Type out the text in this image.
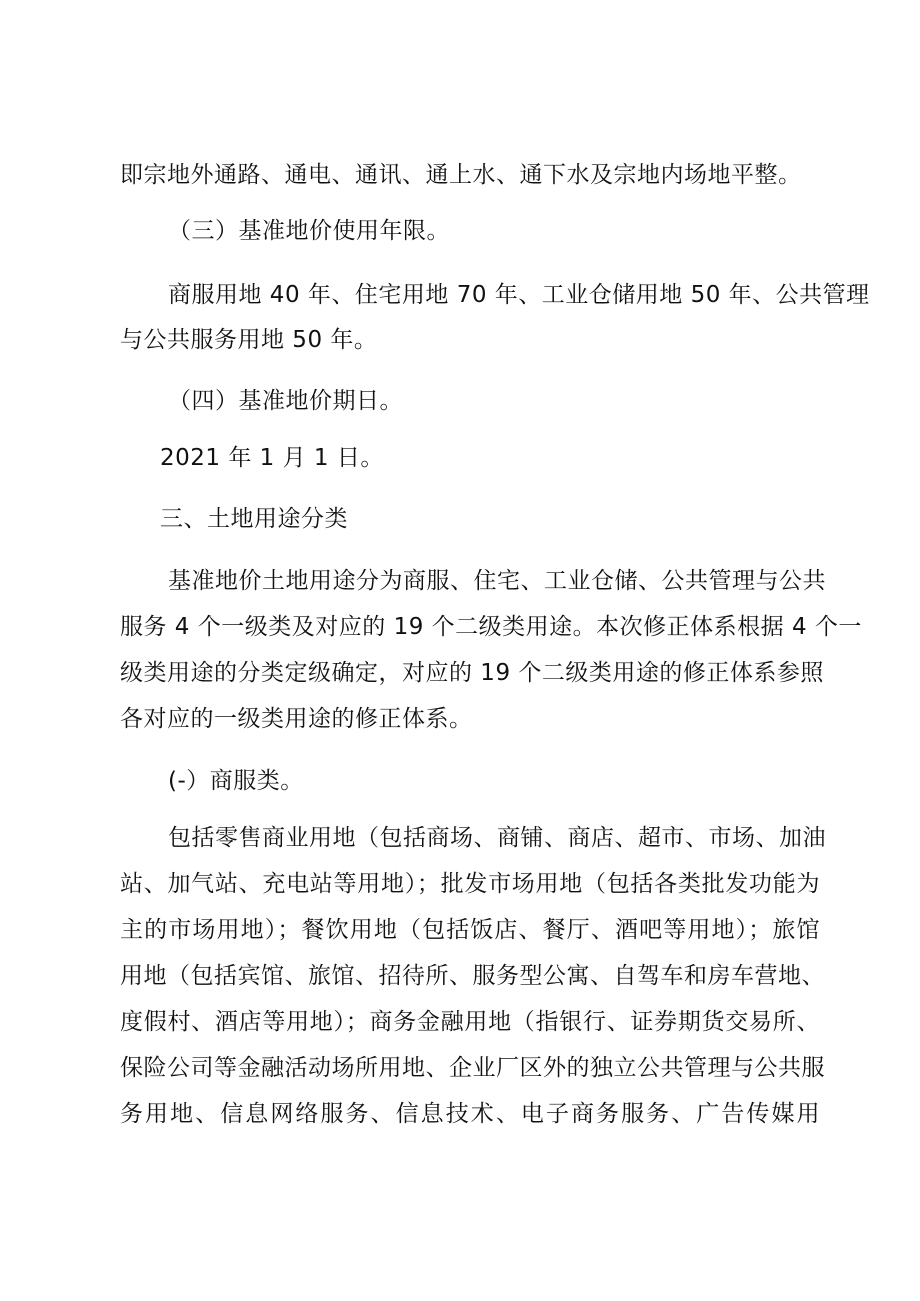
即宗地外通路、通电、通讯、通上水、通下水及宗地内场地平整。
（三）基准地价使用年限。
商服用地 40 年、住宅用地 70 年、工业仓储用地 50 年、公共管理
与公共服务用地 50 年。
（四）基准地价期日。
2021 年 1 月 1 日。
三、土地用途分类
基准地价土地用途分为商服、住宅、工业仓储、公共管理与公共
服务 4 个一级类及对应的 19 个二级类用途。本次修正体系根据 4 个一
级类用途的分类定级确定，对应的 19 个二级类用途的修正体系参照
各对应的一级类用途的修正体系。
(-）商服类。
包括零售商业用地（包括商场、商铺、商店、超市、市场、加油
站、加气站、充电站等用地）；批发市场用地（包括各类批发功能为
主的市场用地）；餐饮用地（包括饭店、餐厅、酒吧等用地）；旅馆
用地（包括宾馆、旅馆、招待所、服务型公寓、自驾车和房车营地、
度假村、酒店等用地）；商务金融用地（指银行、证券期货交易所、
保险公司等金融活动场所用地、企业厂区外的独立公共管理与公共服
务用地、信息网络服务、信息技术、电子商务服务、广告传媒用
